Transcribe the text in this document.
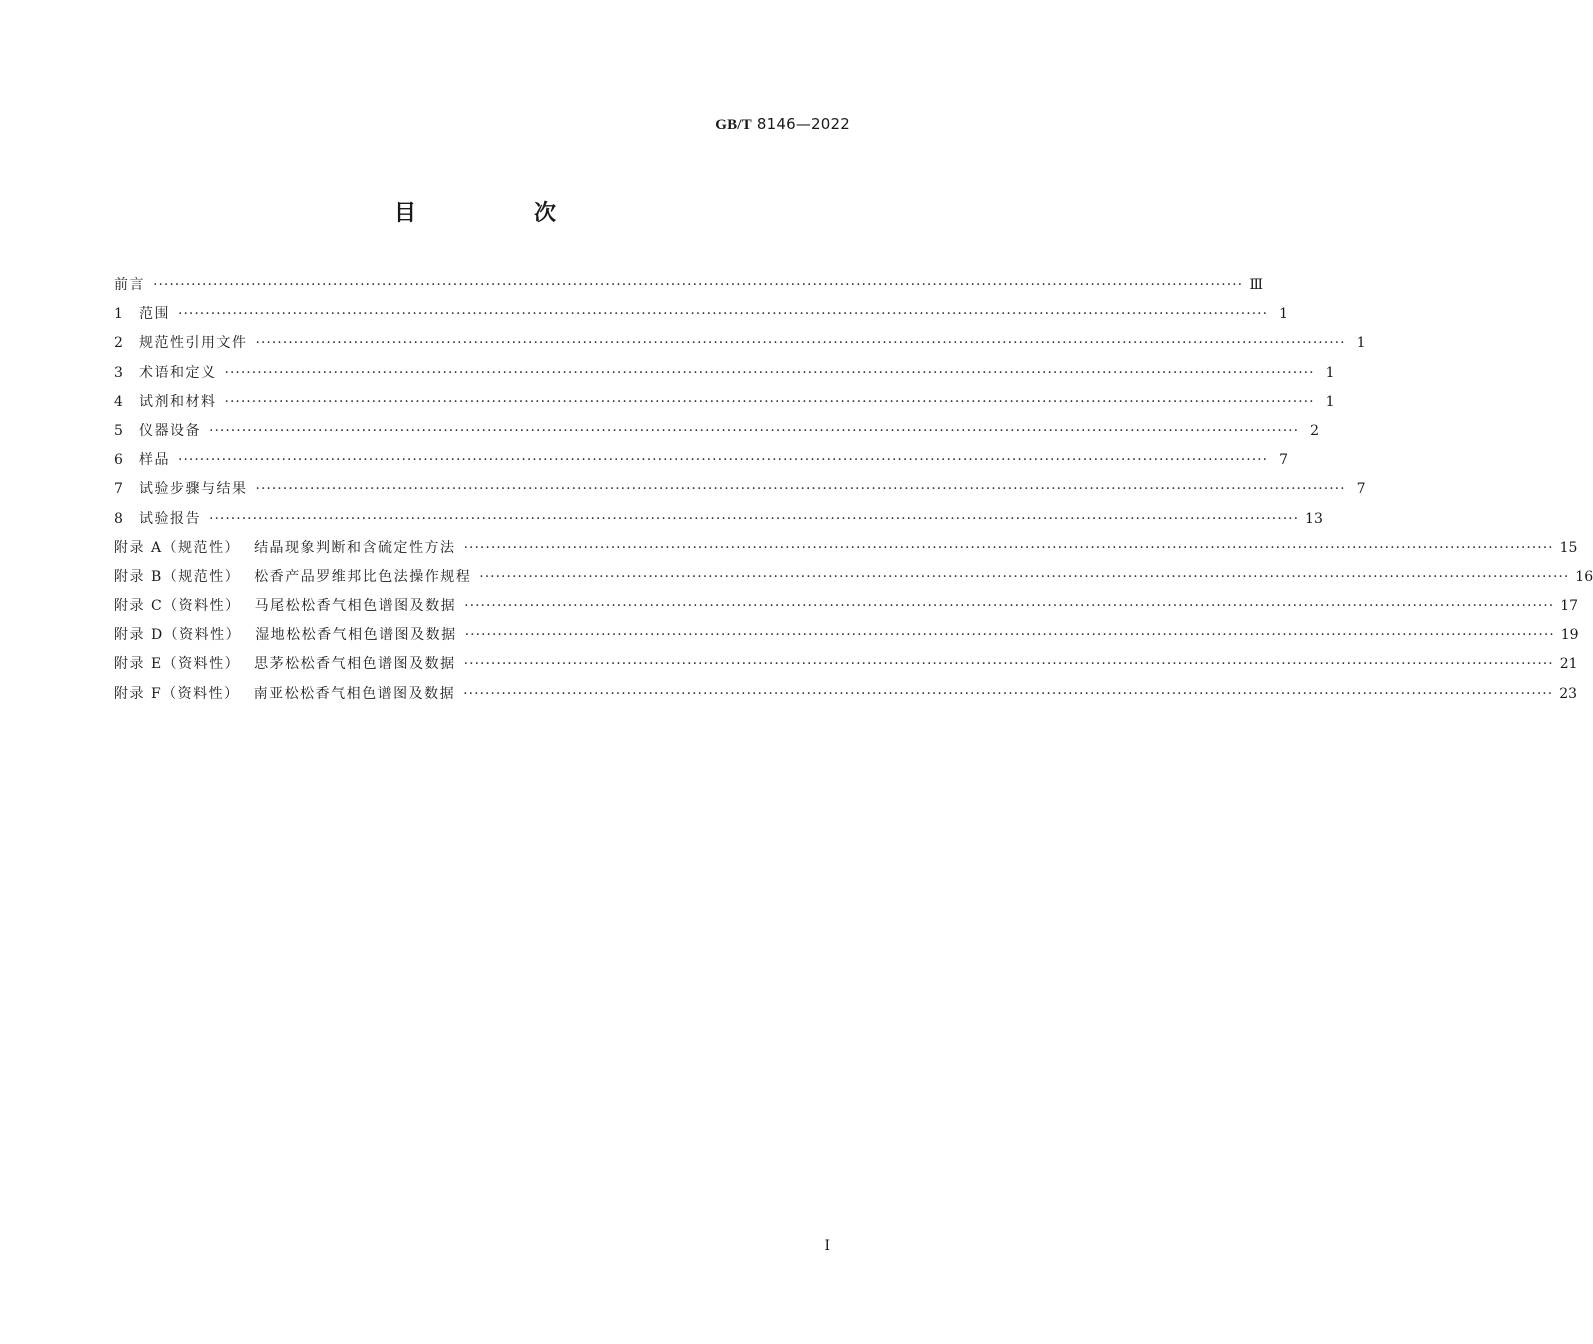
GB/T 8146—2022
目　次
前言 ········································································································································································································ Ⅲ
1	范围 ········································································································································································································ 1
2	规范性引用文件 ········································································································································································································ 1
3	术语和定义 ········································································································································································································ 1
4	试剂和材料 ········································································································································································································ 1
5	仪器设备 ········································································································································································································ 2
6	样品 ········································································································································································································ 7
7	试验步骤与结果 ········································································································································································································ 7
8	试验报告 ········································································································································································································ 13
附录 A（规范性） 结晶现象判断和含硫定性方法 ········································································································································································································ 15
附录 B（规范性） 松香产品罗维邦比色法操作规程 ········································································································································································································ 16
附录 C（资料性） 马尾松松香气相色谱图及数据 ········································································································································································································ 17
附录 D（资料性） 湿地松松香气相色谱图及数据 ········································································································································································································ 19
附录 E（资料性） 思茅松松香气相色谱图及数据 ········································································································································································································ 21
附录 F（资料性） 南亚松松香气相色谱图及数据 ········································································································································································································ 23
I
